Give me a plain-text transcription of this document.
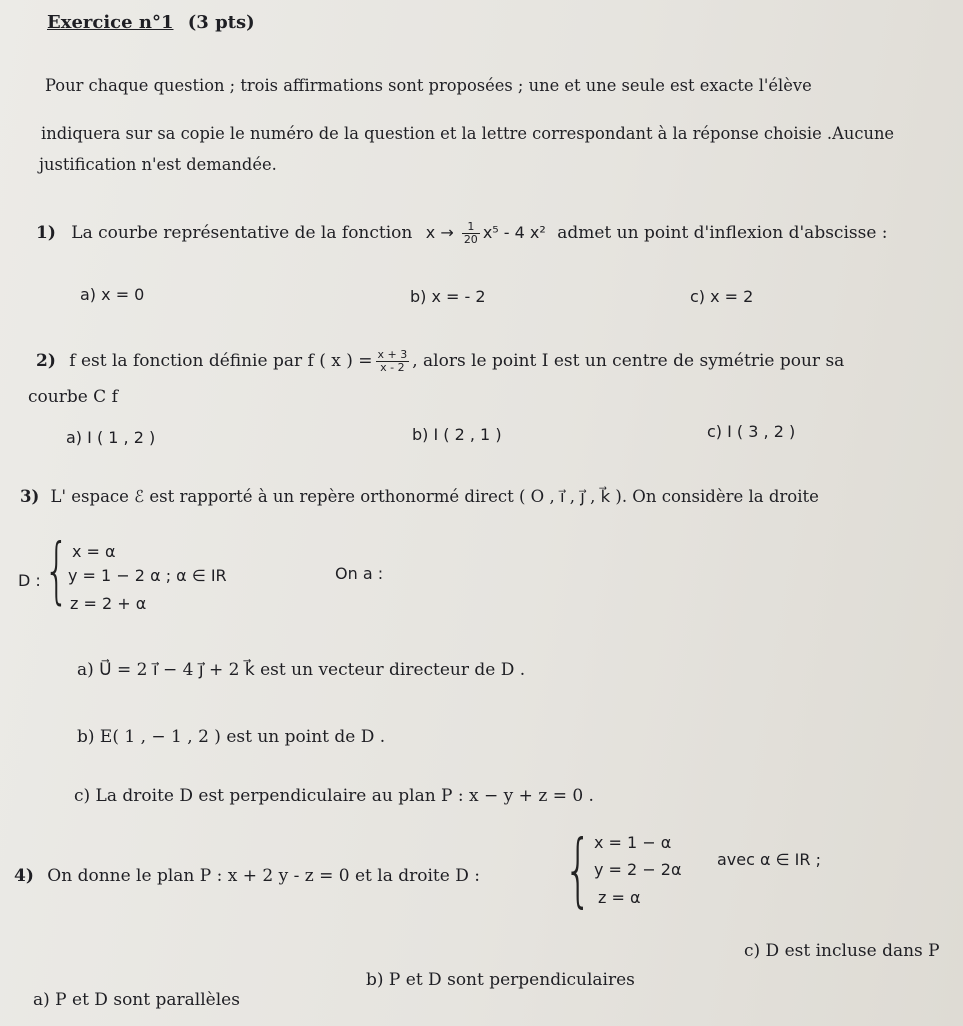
Exercice n°1 (3 pts)
Pour chaque question ; trois affirmations sont proposées ; une et une seule est exacte l'élève
indiquera sur sa copie le numéro de la question et la lettre correspondant à la réponse choisie .Aucune
justification n'est demandée.
1) La courbe représentative de la fonction $x \to \frac{1}{20} x^5 - 4$ x² admet un point d'inflexion d'abscisse :
a) x = 0	b) x = - 2	c) x = 2
2) f est la fonction définie par f ( x ) = $\frac{x + 3}{x - 2}$ , alors le point I est un centre de symétrie pour sa
courbe C f
a) I ( 1 , 2 )	b) I ( 2 , 1 )	c) I ( 3 , 2 )
3) L' espace ℰ est rapporté à un repère orthonormé direct ( O , i⃗ , j⃗ , k⃗ ). On considère la droite
D : { x = α
y = 1 − 2 α ; α ∈ IR
z = 2 + α
On a :
a) U⃗ = 2 i⃗ − 4 j⃗ + 2 k⃗ est un vecteur directeur de D .
b) E( 1 , − 1 , 2 ) est un point de D .
c) La droite D est perpendiculaire au plan P : x − y + z = 0 .
4) On donne le plan P : x + 2 y - z = 0 et la droite D : { x = 1 − α
y = 2 − 2α
z = α
avec α ∈ IR ;
a) P et D sont parallèles
b) P et D sont perpendiculaires
c) D est incluse dans P
